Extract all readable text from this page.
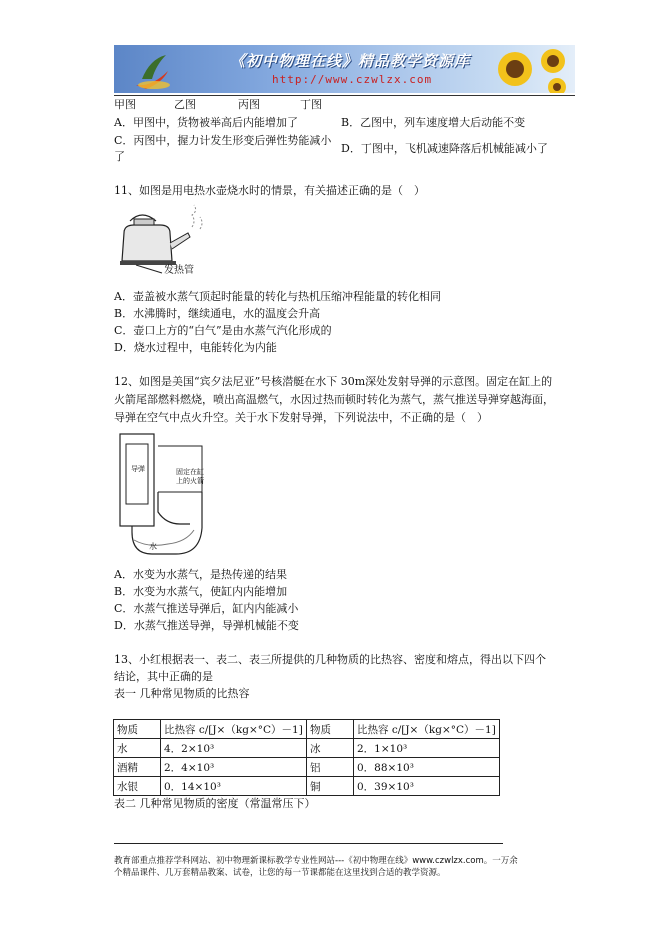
《初中物理在线》精品教学资源库
http://www.czwlzx.com
甲图	乙图	丙图	丁图
A．甲图中，货物被举高后内能增加了	B．乙图中，列车速度增大后动能不变
C．丙图中，握力计发生形变后弹性势能减小
D．丁图中，飞机减速降落后机械能减小了
了
11、如图是用电热水壶烧水时的情景，有关描述正确的是（　）
发热管
A．壶盖被水蒸气顶起时能量的转化与热机压缩冲程能量的转化相同
B．水沸腾时，继续通电，水的温度会升高
C．壶口上方的“白气”是由水蒸气汽化形成的
D．烧水过程中，电能转化为内能
12、如图是美国“宾夕法尼亚”号核潜艇在水下 30m深处发射导弹的示意图。固定在缸上的
火箭尾部燃料燃烧，喷出高温燃气，水因过热而顿时转化为蒸气，蒸气推送导弹穿越海面，
导弹在空气中点火升空。关于水下发射导弹，下列说法中，不正确的是（　）
导弹	固定在缸
上的火箭
水
A．水变为水蒸气，是热传递的结果
B．水变为水蒸气，使缸内内能增加
C．水蒸气推送导弹后，缸内内能减小
D．水蒸气推送导弹，导弹机械能不变
13、小红根据表一、表二、表三所提供的几种物质的比热容、密度和熔点，得出以下四个
结论，其中正确的是
表一 几种常见物质的比热容
物质	比热容 c/[J×（kg×°C）－1]	物质	比热容 c/[J×（kg×°C）－1]
水	4．2×10³	冰	2．1×10³
酒精	2．4×10³	铝	0．88×10³
水银	0．14×10³	铜	0．39×10³
表二 几种常见物质的密度（常温常压下）
教育部重点推荐学科网站、初中物理新课标教学专业性网站---《初中物理在线》www.czwlzx.com。一万余
个精品课件、几万套精品教案、试卷，让您的每一节课都能在这里找到合适的教学资源。
